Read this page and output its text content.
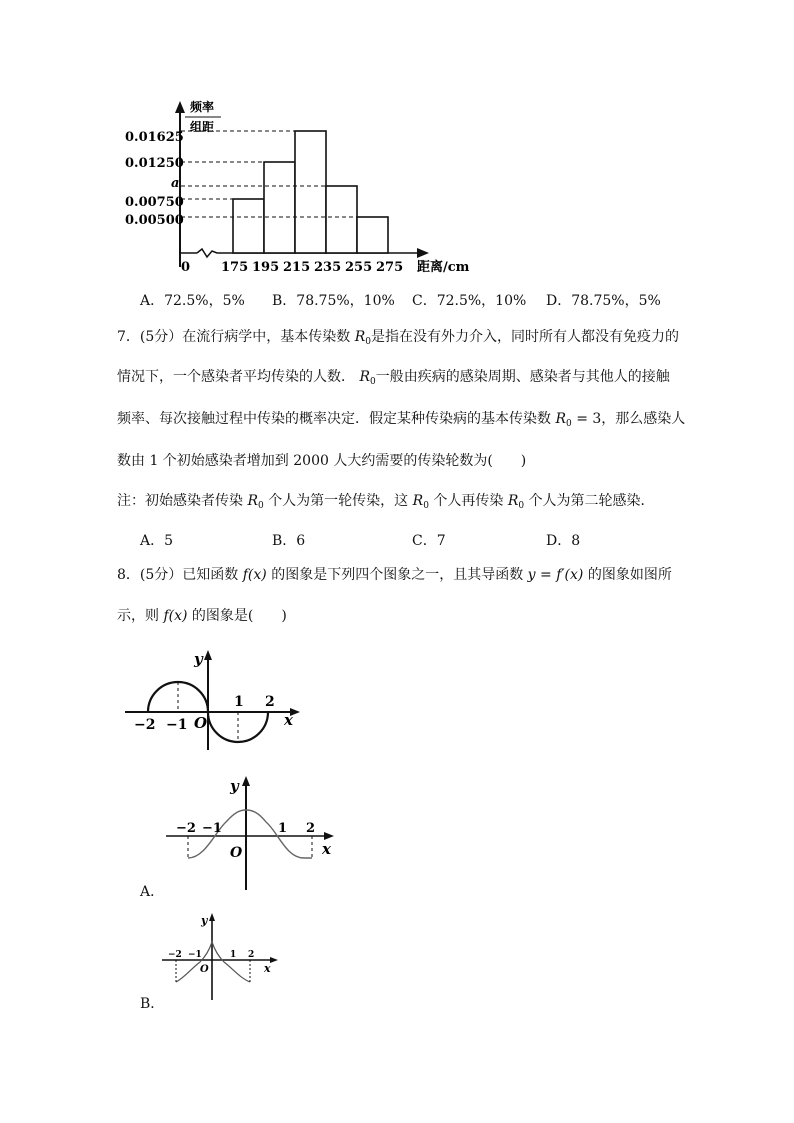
频率
组距
0.01625
0.01250
a
0.00750
0.00500
0 175 195 215 235 255 275 距离/cm
A．72.5%，5% B．78.75%，10% C．72.5%，10% D．78.75%，5%
7．(5分）在流行病学中，基本传染数 $R_0$是指在没有外力介入，同时所有人都没有免疫力的
情况下，一个感染者平均传染的人数． $R_0$一般由疾病的感染周期、感染者与其他人的接触
频率、每次接触过程中传染的概率决定．假定某种传染病的基本传染数 $R_0 = 3$，那么感染人
数由 1 个初始感染者增加到 2000 人大约需要的传染轮数为(　　)
注：初始感染者传染 $R_0$ 个人为第一轮传染，这 $R_0$ 个人再传染 $R_0$ 个人为第二轮感染．
A．5	B．6	C．7	D．8
8．(5分）已知函数 f(x) 的图象是下列四个图象之一，且其导函数 y = f′(x) 的图象如图所
示，则 f(x) 的图象是(　　)
y
x
O
−2 −1
1 2
y
x
O
−2 −1	1 2
A．
y
x
O
−2 −1	1 2
B．
